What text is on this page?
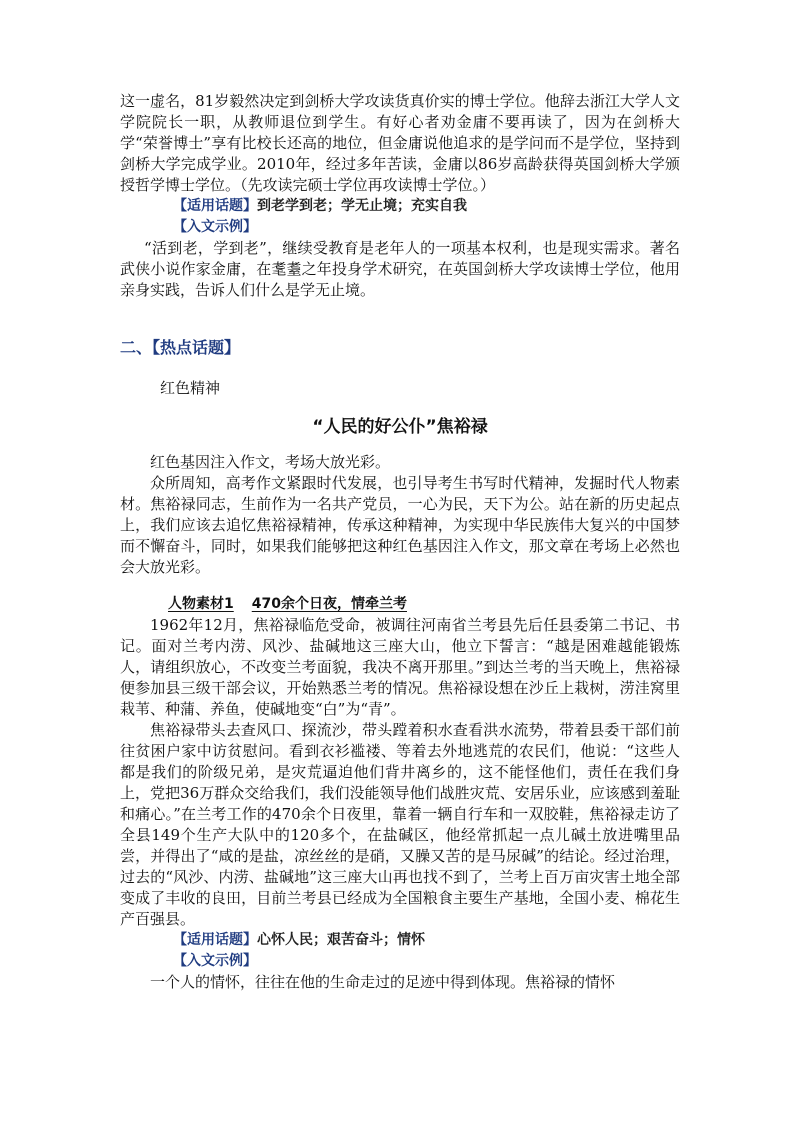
这一虚名，81岁毅然决定到剑桥大学攻读货真价实的博士学位。他辞去浙江大学人文学院院长一职，从教师退位到学生。有好心者劝金庸不要再读了，因为在剑桥大学“荣誉博士”享有比校长还高的地位，但金庸说他追求的是学问而不是学位，坚持到剑桥大学完成学业。2010年，经过多年苦读，金庸以86岁高龄获得英国剑桥大学颁授哲学博士学位。（先攻读完硕士学位再攻读博士学位。）

【适用话题】到老学到老；学无止境；充实自我

【入文示例】

“活到老，学到老”，继续受教育是老年人的一项基本权利，也是现实需求。著名武侠小说作家金庸，在耄耋之年投身学术研究，在英国剑桥大学攻读博士学位，他用亲身实践，告诉人们什么是学无止境。

二、【热点话题】
红色精神
“人民的好公仆”焦裕禄

红色基因注入作文，考场大放光彩。

众所周知，高考作文紧跟时代发展，也引导考生书写时代精神，发掘时代人物素材。焦裕禄同志，生前作为一名共产党员，一心为民，天下为公。站在新的历史起点上，我们应该去追忆焦裕禄精神，传承这种精神，为实现中华民族伟大复兴的中国梦而不懈奋斗，同时，如果我们能够把这种红色基因注入作文，那文章在考场上必然也会大放光彩。

人物素材1 470余个日夜，情牵兰考

1962年12月，焦裕禄临危受命，被调往河南省兰考县先后任县委第二书记、书记。面对兰考内涝、风沙、盐碱地这三座大山，他立下誓言：“越是困难越能锻炼人，请组织放心，不改变兰考面貌，我决不离开那里。”到达兰考的当天晚上，焦裕禄便参加县三级干部会议，开始熟悉兰考的情况。焦裕禄设想在沙丘上栽树，涝洼窝里栽苇、种蒲、养鱼，使碱地变“白”为“青”。

焦裕禄带头去查风口、探流沙，带头蹚着积水查看洪水流势，带着县委干部们前往贫困户家中访贫慰问。看到衣衫褴褛、等着去外地逃荒的农民们，他说：“这些人都是我们的阶级兄弟，是灾荒逼迫他们背井离乡的，这不能怪他们，责任在我们身上，党把36万群众交给我们，我们没能领导他们战胜灾荒、安居乐业，应该感到羞耻和痛心。”在兰考工作的470余个日夜里，靠着一辆自行车和一双胶鞋，焦裕禄走访了全县149个生产大队中的120多个，在盐碱区，他经常抓起一点儿碱土放进嘴里品尝，并得出了“咸的是盐，凉丝丝的是硝，又臊又苦的是马尿碱”的结论。经过治理，过去的“风沙、内涝、盐碱地”这三座大山再也找不到了，兰考上百万亩灾害土地全部变成了丰收的良田，目前兰考县已经成为全国粮食主要生产基地，全国小麦、棉花生产百强县。

【适用话题】心怀人民；艰苦奋斗；情怀

【入文示例】

一个人的情怀，往往在他的生命走过的足迹中得到体现。焦裕禄的情怀
